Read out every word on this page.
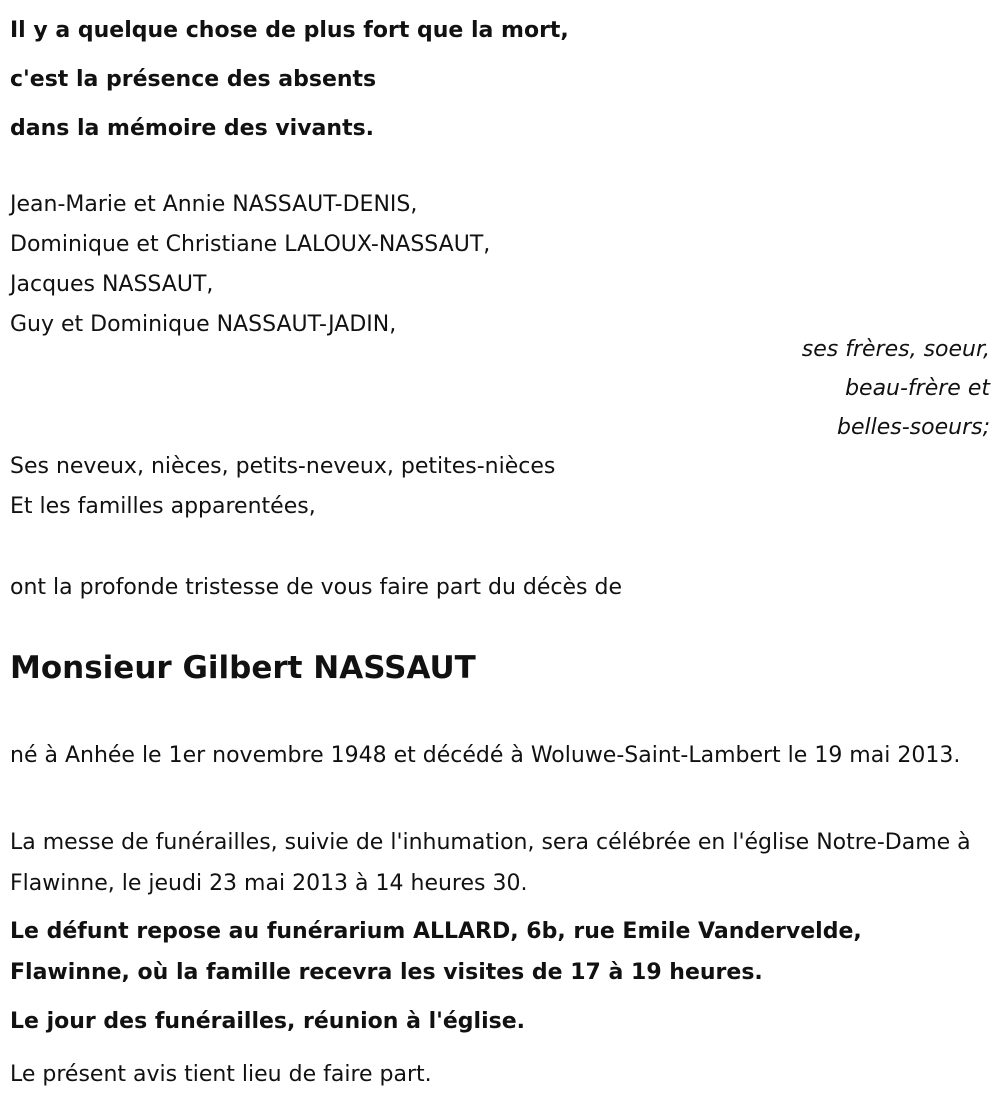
Il y a quelque chose de plus fort que la mort,
c'est la présence des absents
dans la mémoire des vivants.
Jean-Marie et Annie NASSAUT-DENIS,
Dominique et Christiane LALOUX-NASSAUT,
Jacques NASSAUT,
Guy et Dominique NASSAUT-JADIN,
ses frères, soeur,
beau-frère et
belles-soeurs;
Ses neveux, nièces, petits-neveux, petites-nièces
Et les familles apparentées,

ont la profonde tristesse de vous faire part du décès de

Monsieur Gilbert NASSAUT

né à Anhée le 1er novembre 1948 et décédé à Woluwe-Saint-Lambert le 19 mai 2013.

La messe de funérailles, suivie de l'inhumation, sera célébrée en l'église Notre-Dame à Flawinne, le jeudi 23 mai 2013 à 14 heures 30.

Le défunt repose au funérarium ALLARD, 6b, rue Emile Vandervelde, Flawinne, où la famille recevra les visites de 17 à 19 heures.

Le jour des funérailles, réunion à l'église.

Le présent avis tient lieu de faire part.
